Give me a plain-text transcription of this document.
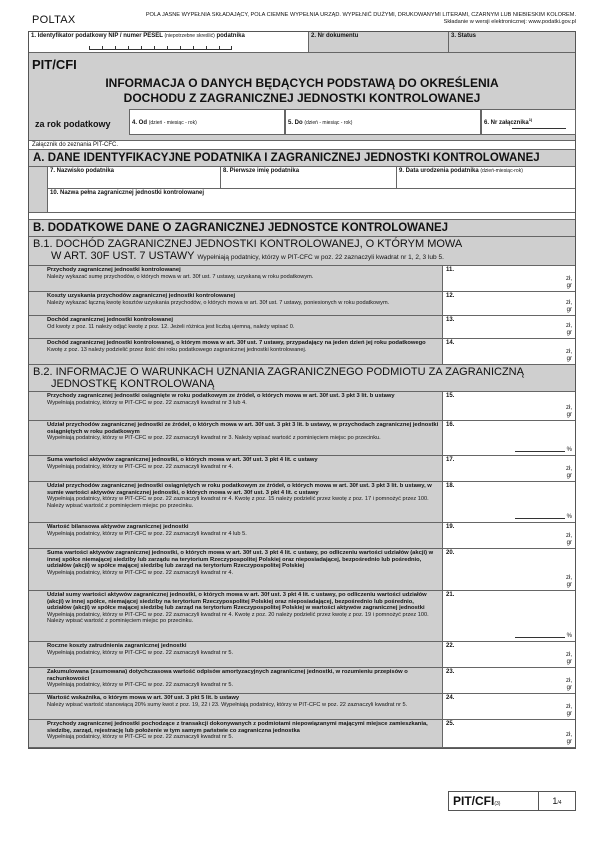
POLTAX	POLA JASNE WYPEŁNIA SKŁADAJĄCY, POLA CIEMNE WYPEŁNIA URZĄD. WYPEŁNIĆ DUŻYMI, DRUKOWANYMI LITERAMI, CZARNYM LUB NIEBIESKIM KOLOREM.
Składanie w wersji elektronicznej: www.podatki.gov.pl
1. Identyfikator podatkowy NIP / numer PESEL (niepotrzebne skreślić) podatnika	2. Nr dokumentu	3. Status
PIT/CFI
INFORMACJA O DANYCH BĘDĄCYCH PODSTAWĄ DO OKREŚLENIA
DOCHODU Z ZAGRANICZNEJ JEDNOSTKI KONTROLOWANEJ
za rok podatkowy	4. Od (dzień - miesiąc - rok)	5. Do (dzień - miesiąc - rok)	6. Nr załącznika$^{1)}$
Załącznik do zeznania PIT-CFC.
A. DANE IDENTYFIKACYJNE PODATNIKA I ZAGRANICZNEJ JEDNOSTKI KONTROLOWANEJ
7. Nazwisko podatnika	8. Pierwsze imię podatnika	9. Data urodzenia podatnika (dzień-miesiąc-rok)
10. Nazwa pełna zagranicznej jednostki kontrolowanej
B. DODATKOWE DANE O ZAGRANICZNEJ JEDNOSTCE KONTROLOWANEJ
B.1. DOCHÓD ZAGRANICZNEJ JEDNOSTKI KONTROLOWANEJ, O KTÓRYM MOWA
W ART. 30F UST. 7 USTAWY Wypełniają podatnicy, którzy w PIT-CFC w poz. 22 zaznaczyli kwadrat nr 1, 2, 3 lub 5.
Przychody zagranicznej jednostki kontrolowanej
Należy wykazać sumę przychodów, o których mowa w art. 30f ust. 7 ustawy, uzyskaną w roku podatkowym.
11.
zł,
gr
Koszty uzyskania przychodów zagranicznej jednostki kontrolowanej
Należy wykazać łączną kwotę kosztów uzyskania przychodów, o których mowa w art. 30f ust. 7 ustawy, poniesionych w roku podatkowym.
12.
zł,
gr
Dochód zagranicznej jednostki kontrolowanej
Od kwoty z poz. 11 należy odjąć kwotę z poz. 12. Jeżeli różnica jest liczbą ujemną, należy wpisać 0.
13.
zł,
gr
Dochód zagranicznej jednostki kontrolowanej, o którym mowa w art. 30f ust. 7 ustawy, przypadający na jeden dzień jej roku podatkowego
Kwotę z poz. 13 należy podzielić przez ilość dni roku podatkowego zagranicznej jednostki kontrolowanej.
14.
zł,
gr
B.2. INFORMACJE O WARUNKACH UZNANIA ZAGRANICZNEGO PODMIOTU ZA ZAGRANICZNĄ
JEDNOSTKĘ KONTROLOWANĄ
Przychody zagranicznej jednostki osiągnięte w roku podatkowym ze źródeł, o których mowa w art. 30f ust. 3 pkt 3 lit. b ustawy
Wypełniają podatnicy, którzy w PIT-CFC w poz. 22 zaznaczyli kwadrat nr 3 lub 4.
15.
zł,
gr
Udział przychodów zagranicznej jednostki ze źródeł, o których mowa w art. 30f ust. 3 pkt 3 lit. b ustawy, w przychodach zagranicznej jednostki osiągniętych w roku podatkowym
Wypełniają podatnicy, którzy w PIT-CFC w poz. 22 zaznaczyli kwadrat nr 3. Należy wpisać wartość z pominięciem miejsc po przecinku.
16.
%
Suma wartości aktywów zagranicznej jednostki, o których mowa w art. 30f ust. 3 pkt 4 lit. c ustawy
Wypełniają podatnicy, którzy w PIT-CFC w poz. 22 zaznaczyli kwadrat nr 4.
17.
zł,
gr
Udział przychodów zagranicznej jednostki osiągniętych w roku podatkowym ze źródeł, o których mowa w art. 30f ust. 3 pkt 3 lit. b ustawy, w sumie wartości aktywów zagranicznej jednostki, o których mowa w art. 30f ust. 3 pkt 4 lit. c ustawy
Wypełniają podatnicy, którzy w PIT-CFC w poz. 22 zaznaczyli kwadrat nr 4. Kwotę z poz. 15 należy podzielić przez kwotę z poz. 17 i pomnożyć przez 100. Należy wpisać wartość z pominięciem miejsc po przecinku.
18.
%
Wartość bilansowa aktywów zagranicznej jednostki
Wypełniają podatnicy, którzy w PIT-CFC w poz. 22 zaznaczyli kwadrat nr 4 lub 5.
19.
zł,
gr
Suma wartości aktywów zagranicznej jednostki, o których mowa w art. 30f ust. 3 pkt 4 lit. c ustawy, po odliczeniu wartości udziałów (akcji) w innej spółce niemającej siedziby lub zarządu na terytorium Rzeczypospolitej Polskiej oraz nieposiadającej, bezpośrednio lub pośrednio, udziałów (akcji) w spółce mającej siedzibę lub zarząd na terytorium Rzeczypospolitej Polskiej
Wypełniają podatnicy, którzy w PIT-CFC w poz. 22 zaznaczyli kwadrat nr 4.
20.
zł,
gr
Udział sumy wartości aktywów zagranicznej jednostki, o których mowa w art. 30f ust. 3 pkt 4 lit. c ustawy, po odliczeniu wartości udziałów (akcji) w innej spółce, niemającej siedziby na terytorium Rzeczypospolitej Polskiej oraz nieposiadającej, bezpośrednio lub pośrednio, udziałów (akcji) w spółce mającej siedzibę lub zarząd na terytorium Rzeczypospolitej Polskiej w wartości aktywów zagranicznej jednostki
Wypełniają podatnicy, którzy w PIT-CFC w poz. 22 zaznaczyli kwadrat nr 4. Kwotę z poz. 20 należy podzielić przez kwotę z poz. 19 i pomnożyć przez 100. Należy wpisać wartość z pominięciem miejsc po przecinku.
21.
%
Roczne koszty zatrudnienia zagranicznej jednostki
Wypełniają podatnicy, którzy w PIT-CFC w poz. 22 zaznaczyli kwadrat nr 5.
22.
zł,
gr
Zakumulowana (zsumowana) dotychczasowa wartość odpisów amortyzacyjnych zagranicznej jednostki, w rozumieniu przepisów o rachunkowości
Wypełniają podatnicy, którzy w PIT-CFC w poz. 22 zaznaczyli kwadrat nr 5.
23.
zł,
gr
Wartość wskaźnika, o którym mowa w art. 30f ust. 3 pkt 5 lit. b ustawy
Należy wpisać wartość stanowiącą 20% sumy kwot z poz. 19, 22 i 23. Wypełniają podatnicy, którzy w PIT-CFC w poz. 22 zaznaczyli kwadrat nr 5.
24.
zł,
gr
Przychody zagranicznej jednostki pochodzące z transakcji dokonywanych z podmiotami niepowiązanymi mającymi miejsce zamieszkania, siedzibę, zarząd, rejestrację lub położenie w tym samym państwie co zagraniczna jednostka
Wypełniają podatnicy, którzy w PIT-CFC w poz. 22 zaznaczyli kwadrat nr 5.
25.
zł,
gr
PIT/CFI(3)	1/4
